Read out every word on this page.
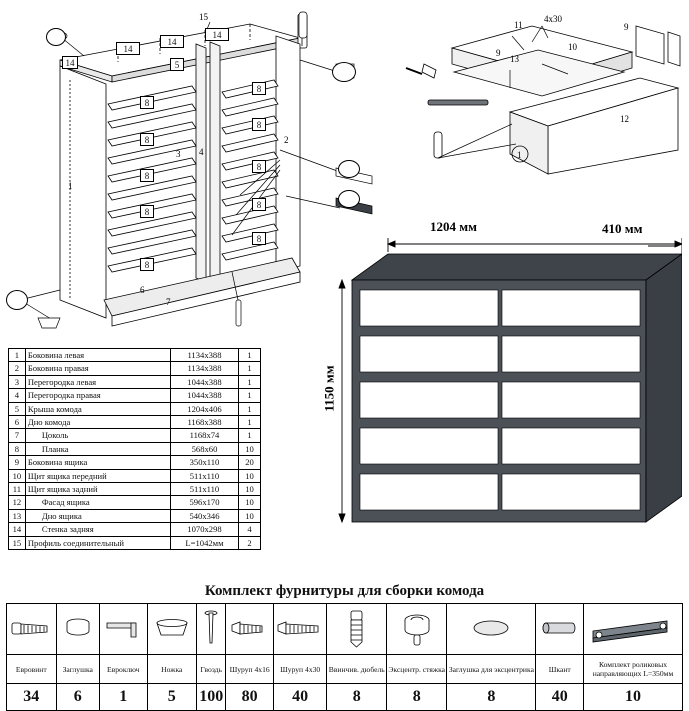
15
14
14
14
14	5
1
2
3 4
6
7
8
8
8
8
8
8
8
8
8
8
11
4х30
9
9
13
10
12
1
1	Боковина левая	1134х388	1
2	Боковина правая	1134х388	1
3	Перегородка левая	1044х388	1
4	Перегородка правая	1044х388	1
5	Крыша комода	1204х406	1
6	Дно комода	1168х388	1
7	Цоколь	1168х74	1
8	Планка	568х60	10
9	Боковина ящика	350х110	20
10	Щит ящика передний	511х110	10
11	Щит ящика задний	511х110	10
12	Фасад ящика	596х170	10
13	Дно ящика	540х346	10
14	Стенка задняя	1070х298	4
15	Профиль соединительный	L=1042мм	2
1204 мм	410 мм
1150 мм
Комплект фурнитуры для сборки комода

Евровинт	Заглушка	Евроключ	Ножка	Гвоздь	Шуруп 4х16	Шуруп 4х30	Ввинчив. дюбель	Эксцентр. стяжка	Заглушка для эксцентрика	Шкант	Комплект роликовых направляющих L=350мм
34	6	1	5	100	80	40	8	8	8	40	10
